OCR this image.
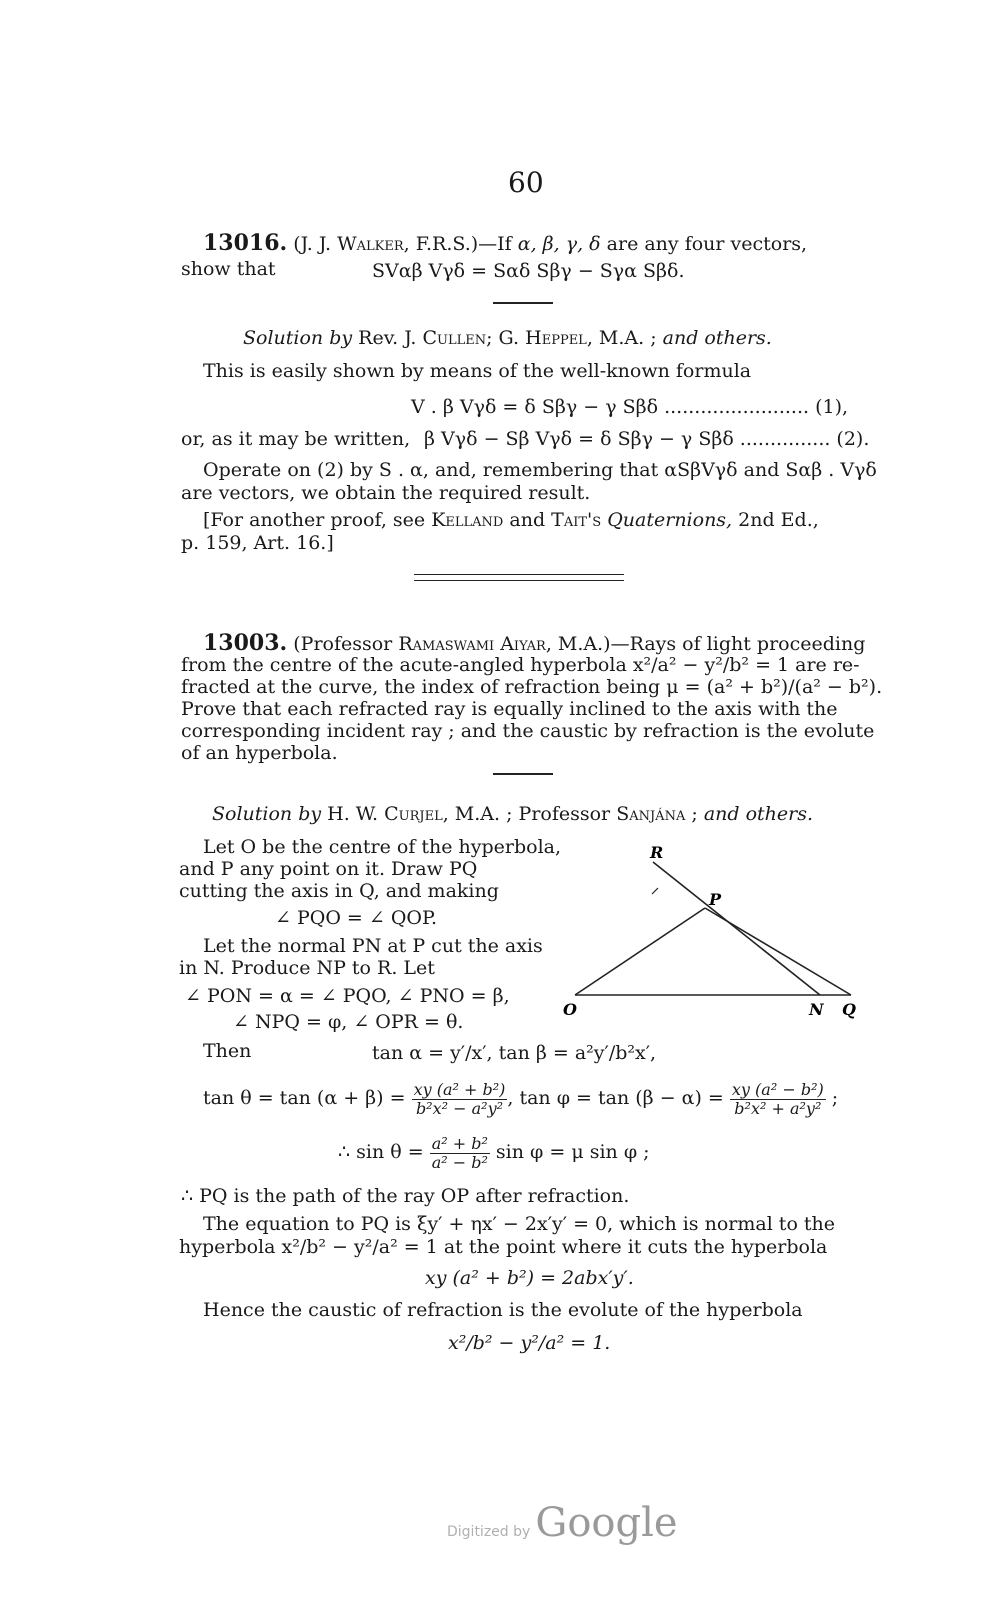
60
13016. (J. J. Walker, F.R.S.)—If α, β, γ, δ are any four vectors,
show that	SVαβ Vγδ = Sαδ Sβγ − Sγα Sβδ.
Solution by Rev. J. Cullen; G. Heppel, M.A. ; and others.
This is easily shown by means of the well-known formula
V . β Vγδ = δ Sβγ − γ Sβδ ........................ (1),
or, as it may be written, β Vγδ − Sβ Vγδ = δ Sβγ − γ Sβδ ............... (2).
Operate on (2) by S . α, and, remembering that αSβVγδ and Sαβ . Vγδ
are vectors, we obtain the required result.
[For another proof, see Kelland and Tait's Quaternions, 2nd Ed.,
p. 159, Art. 16.]
13003. (Professor Ramaswami Aiyar, M.A.)—Rays of light proceeding
from the centre of the acute-angled hyperbola x²/a² − y²/b² = 1 are re-
fracted at the curve, the index of refraction being μ = (a² + b²)/(a² − b²).
Prove that each refracted ray is equally inclined to the axis with the
corresponding incident ray ; and the caustic by refraction is the evolute
of an hyperbola.
Solution by H. W. Curjel, M.A. ; Professor Sanjána ; and others.
Let O be the centre of the hyperbola,
and P any point on it. Draw PQ
cutting the axis in Q, and making
∠ PQO = ∠ QOP.
Let the normal PN at P cut the axis
in N. Produce NP to R. Let
∠ PON = α = ∠ PQO, ∠ PNO = β,
∠ NPQ = φ, ∠ OPR = θ.
R
P
O	N Q
Then	tan α = y′/x′, tan β = a²y′/b²x′,
$\tan \theta = \tan (\alpha + \beta) = \frac{\text{xy (a² + b²)}}{\text{b²x² − a²y²}}$ , $\tan \varphi = \tan (\beta - \alpha) = \frac{\text{xy (a² − b²)}}{\text{b²x² + a²y²}}$ ;
∴ $\sin \theta = \frac{\text{a² + b²}}{\text{a² − b²}}$ sin φ = μ sin φ ;
∴ PQ is the path of the ray OP after refraction.
The equation to PQ is ξy′ + ηx′ − 2x′y′ = 0, which is normal to the
hyperbola x²/b² − y²/a² = 1 at the point where it cuts the hyperbola
xy (a² + b²) = 2abx′y′.
Hence the caustic of refraction is the evolute of the hyperbola
x²/b² − y²/a² = 1.
Digitized by Google
